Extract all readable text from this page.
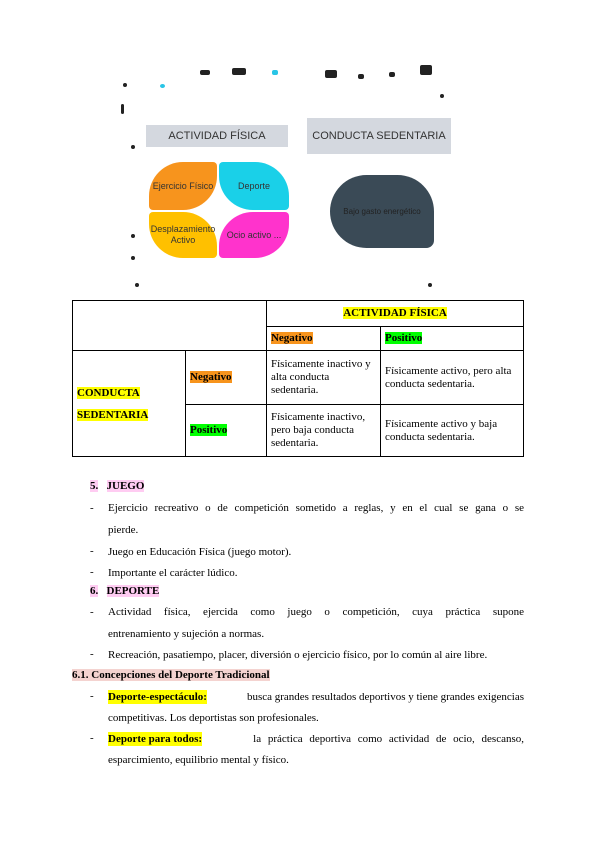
ACTIVIDAD FÍSICA	CONDUCTA SEDENTARIA
Ejercicio Físico	Deporte
Desplazamiento Activo
Ocio activo ...
Bajo gasto energético
		ACTIVIDAD FÍSICA	
		Negativo	Positivo
CONDUCTA SEDENTARIA	Negativo	Físicamente inactivo y alta conducta sedentaria.	Físicamente activo, pero alta conducta sedentaria.
	Positivo	Físicamente inactivo, pero baja conducta sedentaria.	Físicamente activo y baja conducta sedentaria.
5. JUEGO
- Ejercicio recreativo o de competición sometido a reglas, y en el cual se gana o se
pierde.
- Juego en Educación Física (juego motor).
- Importante el carácter lúdico.
6. DEPORTE
- Actividad física, ejercida como juego o competición, cuya práctica supone
entrenamiento y sujeción a normas.
- Recreación, pasatiempo, placer, diversión o ejercicio físico, por lo común al aire libre.
6.1. Concepciones del Deporte Tradicional
- Deporte-espectáculo:	busca grandes resultados deportivos y tiene grandes exigencias
competitivas. Los deportistas son profesionales.
- Deporte para todos:	la práctica deportiva como actividad de ocio, descanso,
esparcimiento, equilibrio mental y físico.
